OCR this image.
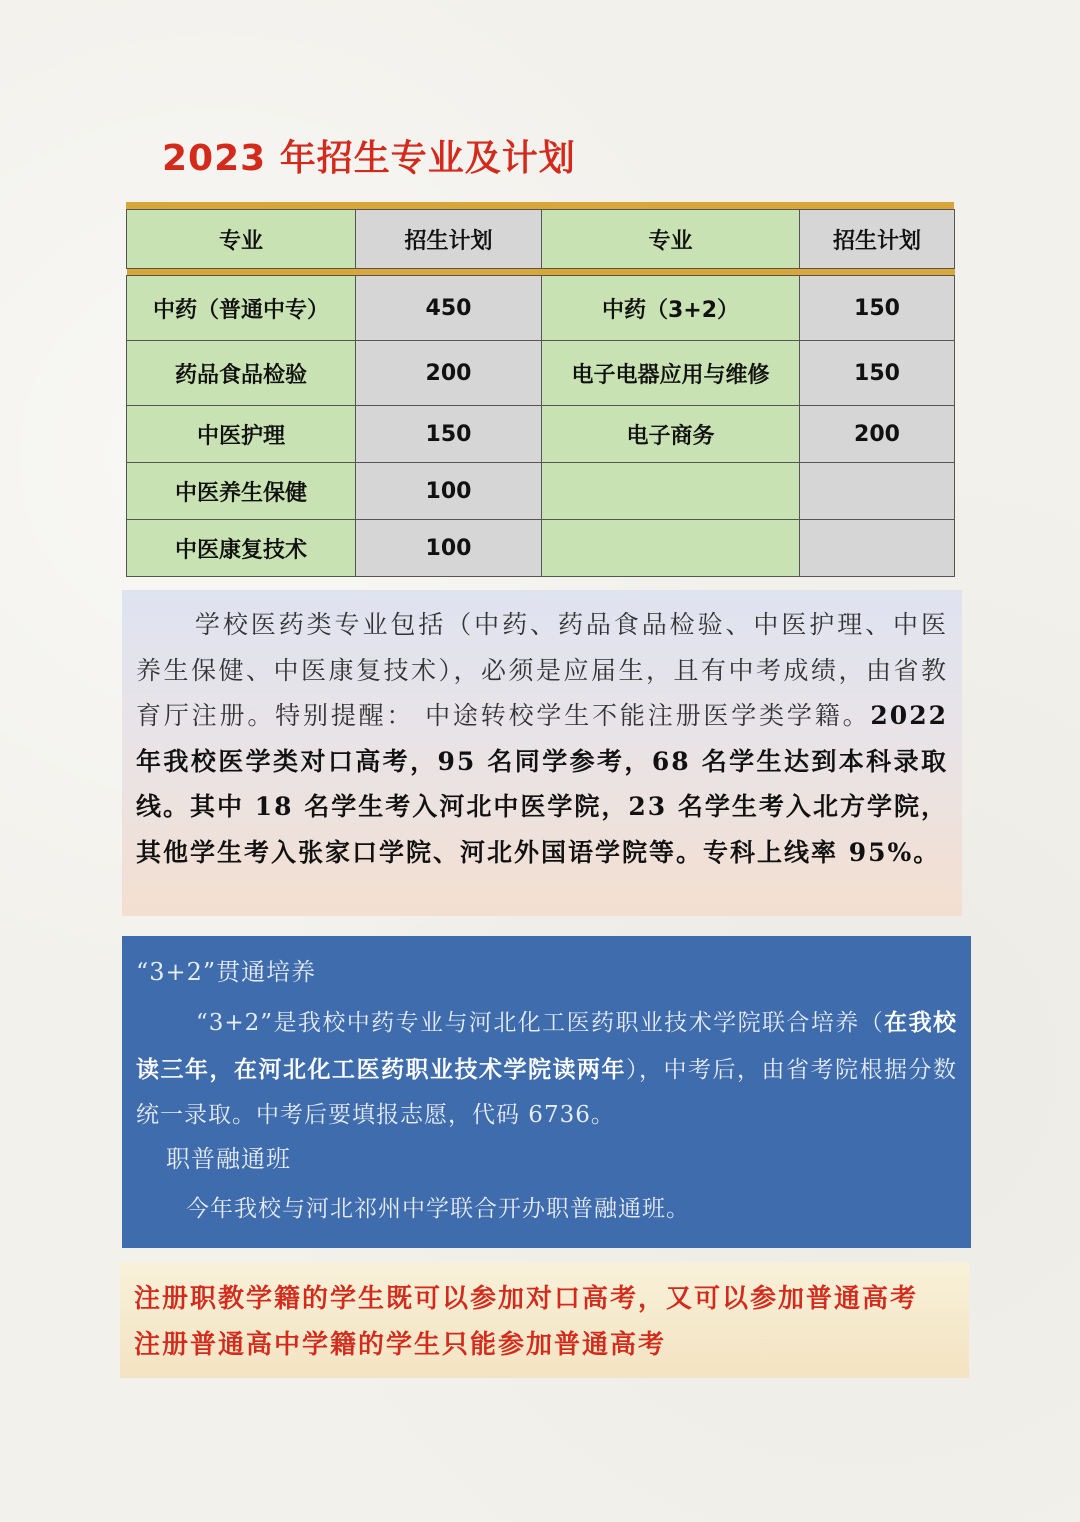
2023 年招生专业及计划
专业	招生计划	专业	招生计划

中药（普通中专）	450	中药（3+2）	150
药品食品检验	200	电子电器应用与维修	150
中医护理	150	电子商务	200
中医养生保健	100		
中医康复技术	100		
学校医药类专业包括（中药、药品食品检验、中医护理、中医养生保健、中医康复技术），必须是应届生，且有中考成绩，由省教育厅注册。特别提醒： 中途转校学生不能注册医学类学籍。2022 年我校医学类对口高考，95 名同学参考，68 名学生达到本科录取线。其中 18 名学生考入河北中医学院，23 名学生考入北方学院，其他学生考入张家口学院、河北外国语学院等。专科上线率 95%。
“3+2”贯通培养
“3+2”是我校中药专业与河北化工医药职业技术学院联合培养（在我校读三年，在河北化工医药职业技术学院读两年），中考后，由省考院根据分数统一录取。中考后要填报志愿，代码 6736。
职普融通班
今年我校与河北祁州中学联合开办职普融通班。
注册职教学籍的学生既可以参加对口高考，又可以参加普通高考
注册普通高中学籍的学生只能参加普通高考
